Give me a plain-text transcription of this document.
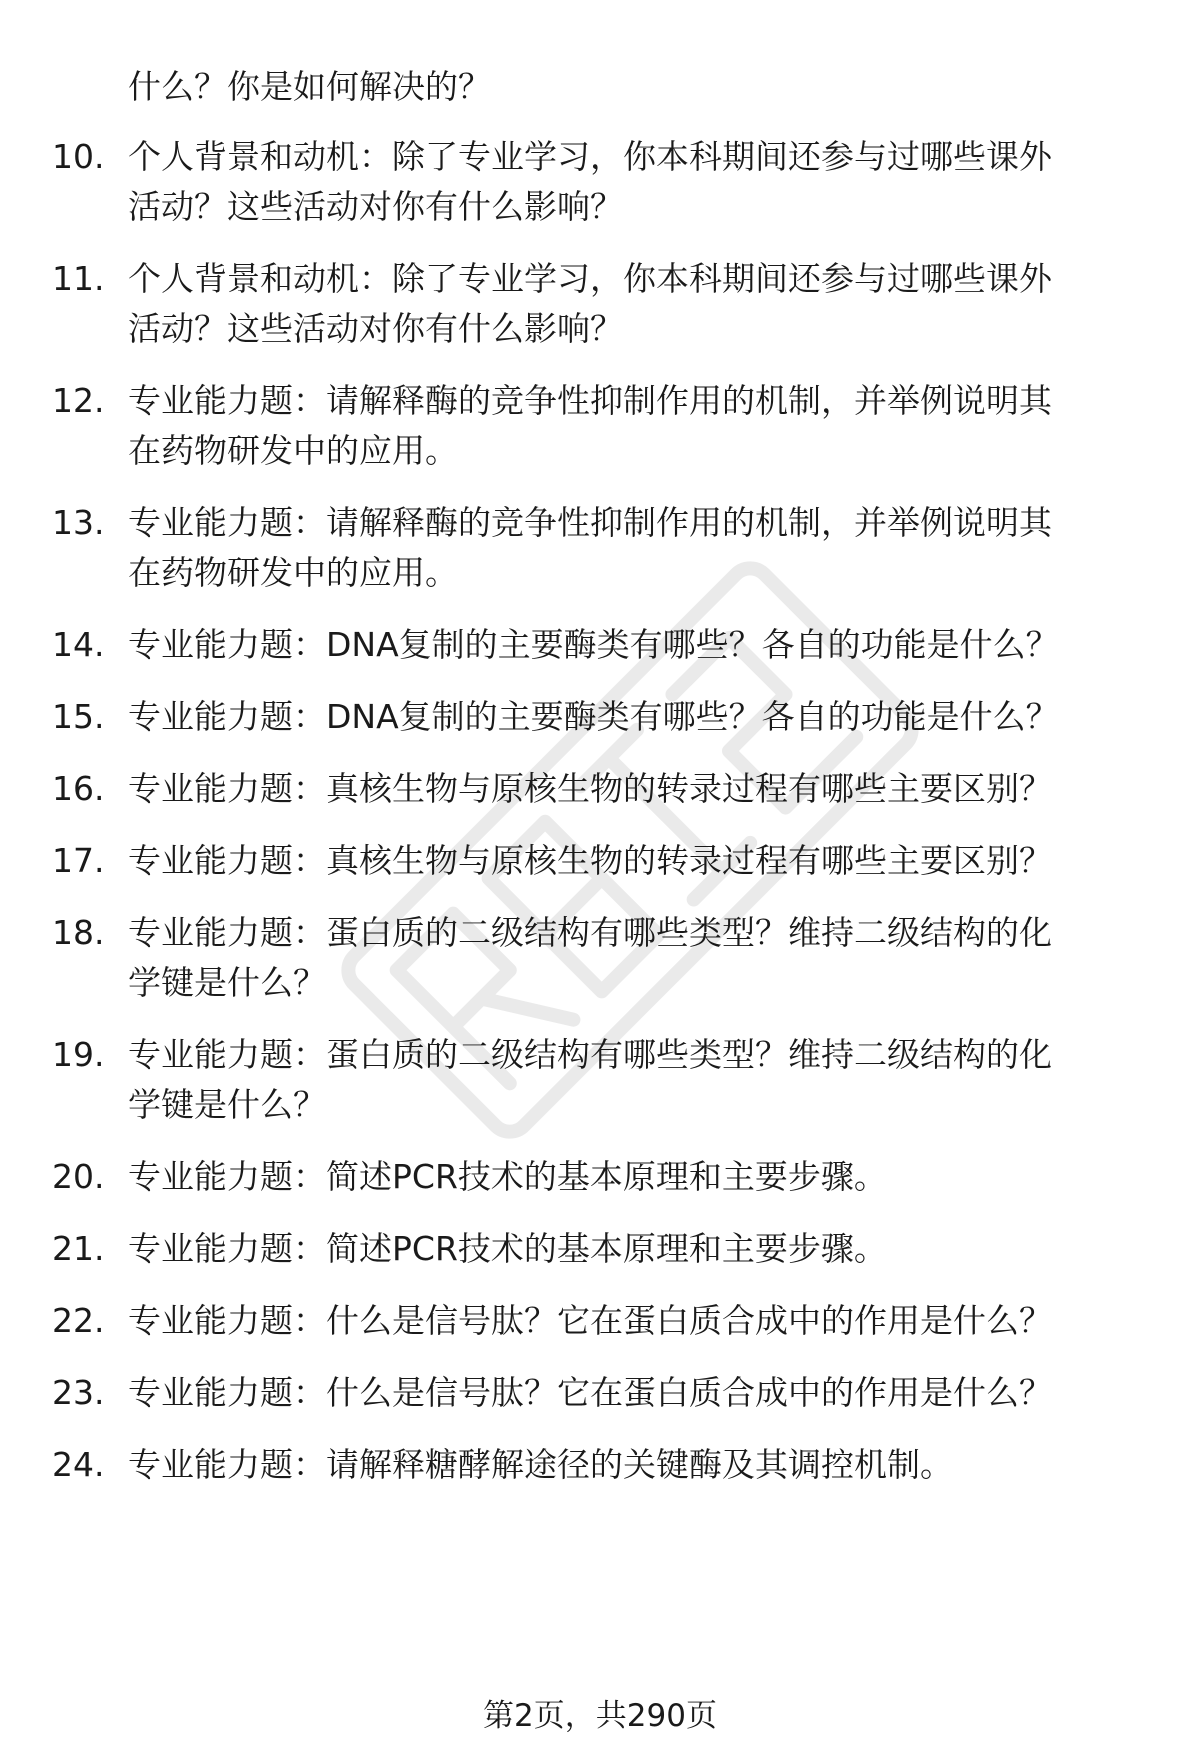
什么？你是如何解决的？
10. 个人背景和动机：除了专业学习，你本科期间还参与过哪些课外
活动？这些活动对你有什么影响？
11. 个人背景和动机：除了专业学习，你本科期间还参与过哪些课外
活动？这些活动对你有什么影响？
12. 专业能力题：请解释酶的竞争性抑制作用的机制，并举例说明其
在药物研发中的应用。
13. 专业能力题：请解释酶的竞争性抑制作用的机制，并举例说明其
在药物研发中的应用。
14. 专业能力题：DNA复制的主要酶类有哪些？各自的功能是什么？
15. 专业能力题：DNA复制的主要酶类有哪些？各自的功能是什么？
16. 专业能力题：真核生物与原核生物的转录过程有哪些主要区别？
17. 专业能力题：真核生物与原核生物的转录过程有哪些主要区别？
18. 专业能力题：蛋白质的二级结构有哪些类型？维持二级结构的化
学键是什么？
19. 专业能力题：蛋白质的二级结构有哪些类型？维持二级结构的化
学键是什么？
20. 专业能力题：简述PCR技术的基本原理和主要步骤。
21. 专业能力题：简述PCR技术的基本原理和主要步骤。
22. 专业能力题：什么是信号肽？它在蛋白质合成中的作用是什么？
23. 专业能力题：什么是信号肽？它在蛋白质合成中的作用是什么？
24. 专业能力题：请解释糖酵解途径的关键酶及其调控机制。
第2页，共290页
